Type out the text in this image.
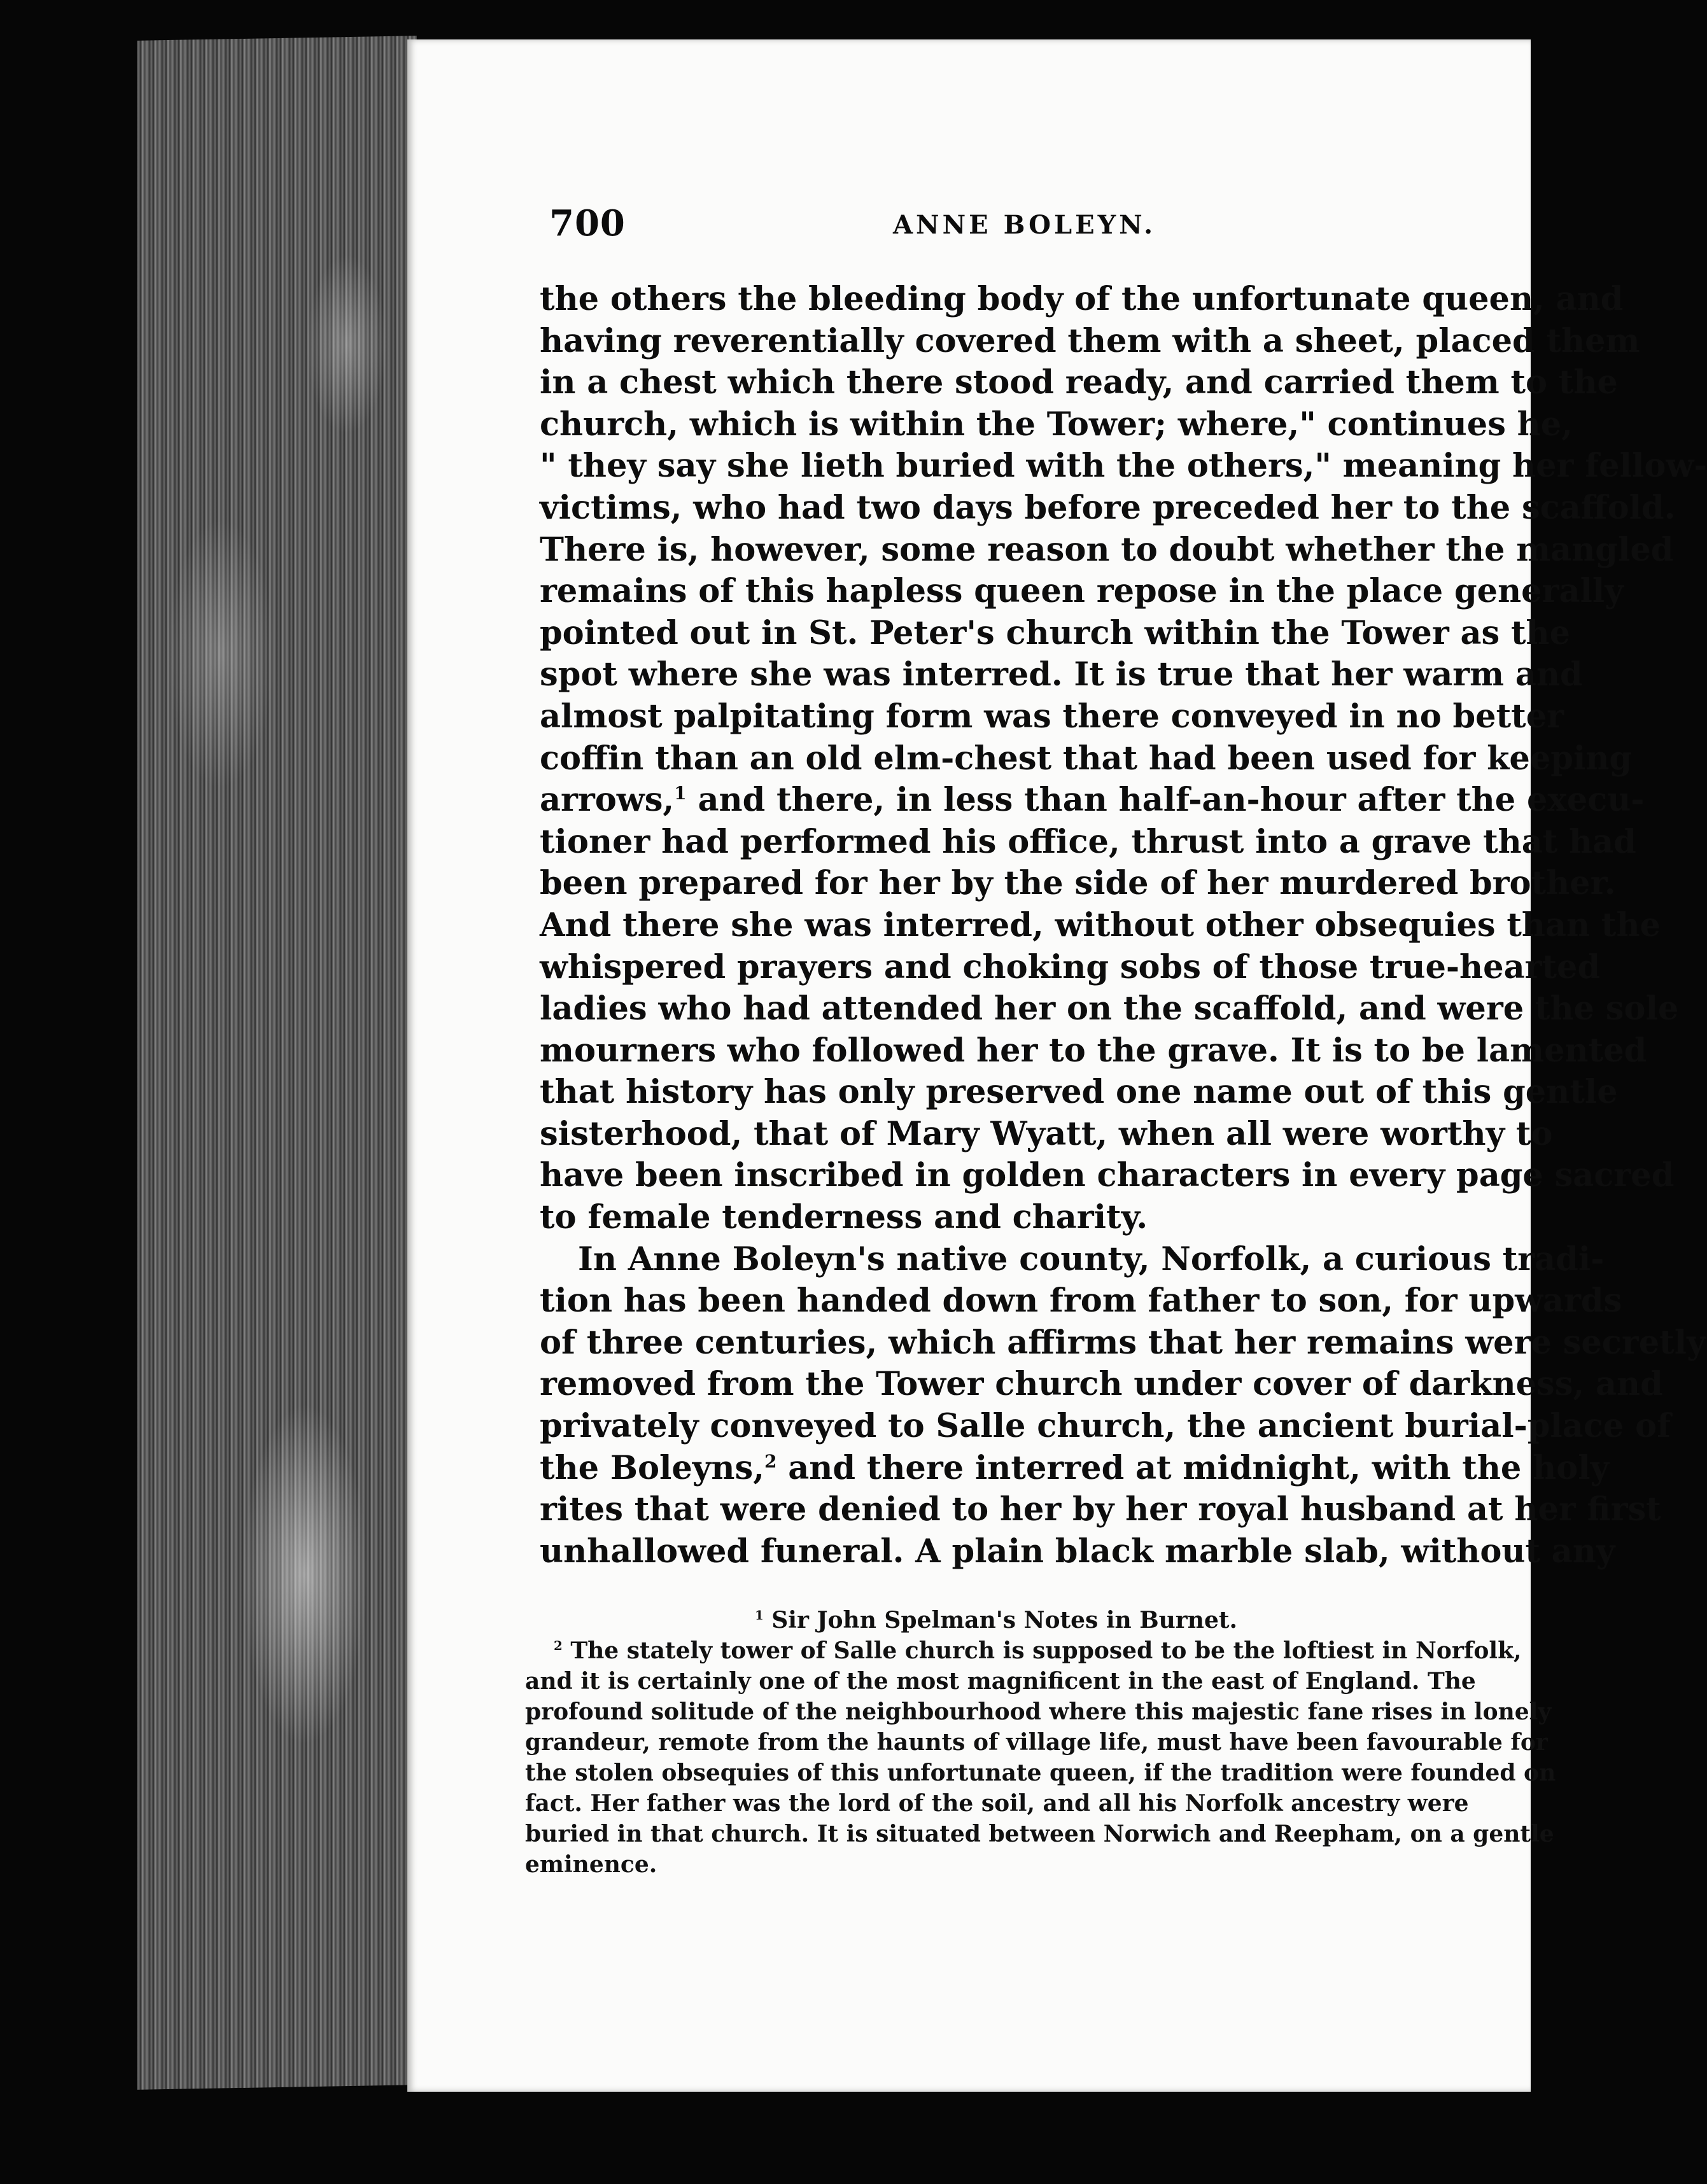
700	ANNE BOLEYN.
the others the bleeding body of the unfortunate queen, and
having reverentially covered them with a sheet, placed them
in a chest which there stood ready, and carried them to the
church, which is within the Tower; where," continues he,
" they say she lieth buried with the others," meaning her fellow-
victims, who had two days before preceded her to the scaffold.
There is, however, some reason to doubt whether the mangled
remains of this hapless queen repose in the place generally
pointed out in St. Peter's church within the Tower as the
spot where she was interred. It is true that her warm and
almost palpitating form was there conveyed in no better
coffin than an old elm-chest that had been used for keeping
arrows,$^1$ and there, in less than half-an-hour after the execu-
tioner had performed his office, thrust into a grave that had
been prepared for her by the side of her murdered brother.
And there she was interred, without other obsequies than the
whispered prayers and choking sobs of those true-hearted
ladies who had attended her on the scaffold, and were the sole
mourners who followed her to the grave. It is to be lamented
that history has only preserved one name out of this gentle
sisterhood, that of Mary Wyatt, when all were worthy to
have been inscribed in golden characters in every page sacred
to female tenderness and charity.
In Anne Boleyn's native county, Norfolk, a curious tradi-
tion has been handed down from father to son, for upwards
of three centuries, which affirms that her remains were secretly
removed from the Tower church under cover of darkness, and
privately conveyed to Salle church, the ancient burial-place of
the Boleyns,$^2$ and there interred at midnight, with the holy
rites that were denied to her by her royal husband at her first
unhallowed funeral. A plain black marble slab, without any
$^1$ Sir John Spelman's Notes in Burnet.
$^2$ The stately tower of Salle church is supposed to be the loftiest in Norfolk,
and it is certainly one of the most magnificent in the east of England. The
profound solitude of the neighbourhood where this majestic fane rises in lonely
grandeur, remote from the haunts of village life, must have been favourable for
the stolen obsequies of this unfortunate queen, if the tradition were founded on
fact. Her father was the lord of the soil, and all his Norfolk ancestry were
buried in that church. It is situated between Norwich and Reepham, on a gentle
eminence.
